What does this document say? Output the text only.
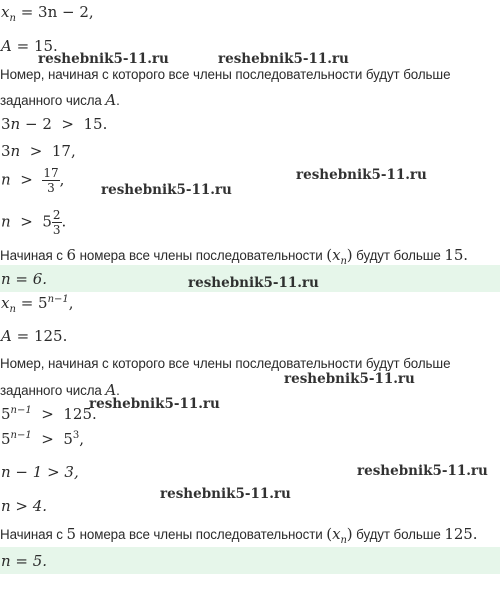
$x_n = 3n - 2$,
A = 15.
Номер, начиная с которого все члены последовательности будут больше
заданного числа A.
3n − 2  >  15.
3n  >  17,
$n > \frac{17}{3}$ ,
$n > 5 \frac{2}{3}$ .
Начиная с 6 номера все члены последовательности $(x_n)$ будут больше 15.
n = 6.
$x_n = 5^{n-1}$,
A = 125.
Номер, начиная с которого все члены последовательности будут больше
заданного числа A.
$5^{n-1} > 125$.
$5^{n-1} > 5^3$,
n − 1 > 3,
n > 4.
Начиная с 5 номера все члены последовательности $(x_n)$ будут больше 125.
n = 5.
reshebnik5-11.ru	reshebnik5-11.ru
reshebnik5-11.ru
reshebnik5-11.ru
reshebnik5-11.ru
reshebnik5-11.ru
reshebnik5-11.ru
reshebnik5-11.ru
reshebnik5-11.ru
